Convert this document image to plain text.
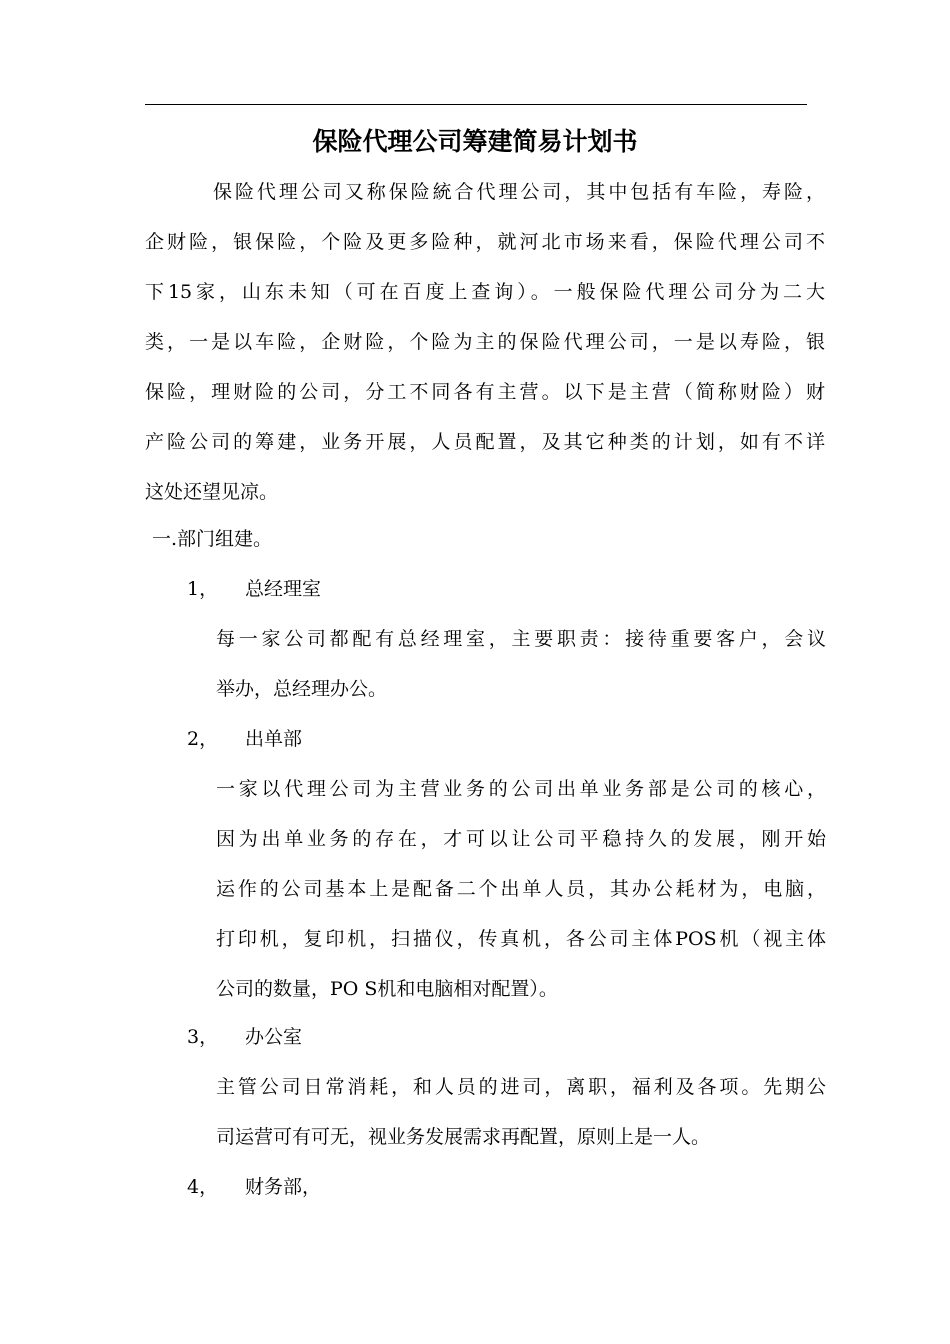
保险代理公司筹建简易计划书
保险代理公司又称保险統合代理公司，其中包括有车险，寿险，
企财险，银保险，个险及更多险种，就河北市场来看，保险代理公司不
下15家，山东未知（可在百度上查询）。一般保险代理公司分为二大
类，一是以车险，企财险，个险为主的保险代理公司，一是以寿险，银
保险，理财险的公司，分工不同各有主营。以下是主营（简称财险）财
产险公司的筹建，业务开展，人员配置，及其它种类的计划，如有不详
这处还望见凉。
一.部门组建。
1， 总经理室
每一家公司都配有总经理室，主要职责：接待重要客户，会议
举办，总经理办公。
2， 出单部
一家以代理公司为主营业务的公司出单业务部是公司的核心，
因为出单业务的存在，才可以让公司平稳持久的发展，刚开始
运作的公司基本上是配备二个出单人员，其办公耗材为，电脑，
打印机，复印机，扫描仪，传真机，各公司主体POS机（视主体
公司的数量，PO S机和电脑相对配置）。
3， 办公室
主管公司日常消耗，和人员的进司，离职，福利及各项。先期公
司运营可有可无，视业务发展需求再配置，原则上是一人。
4， 财务部，
